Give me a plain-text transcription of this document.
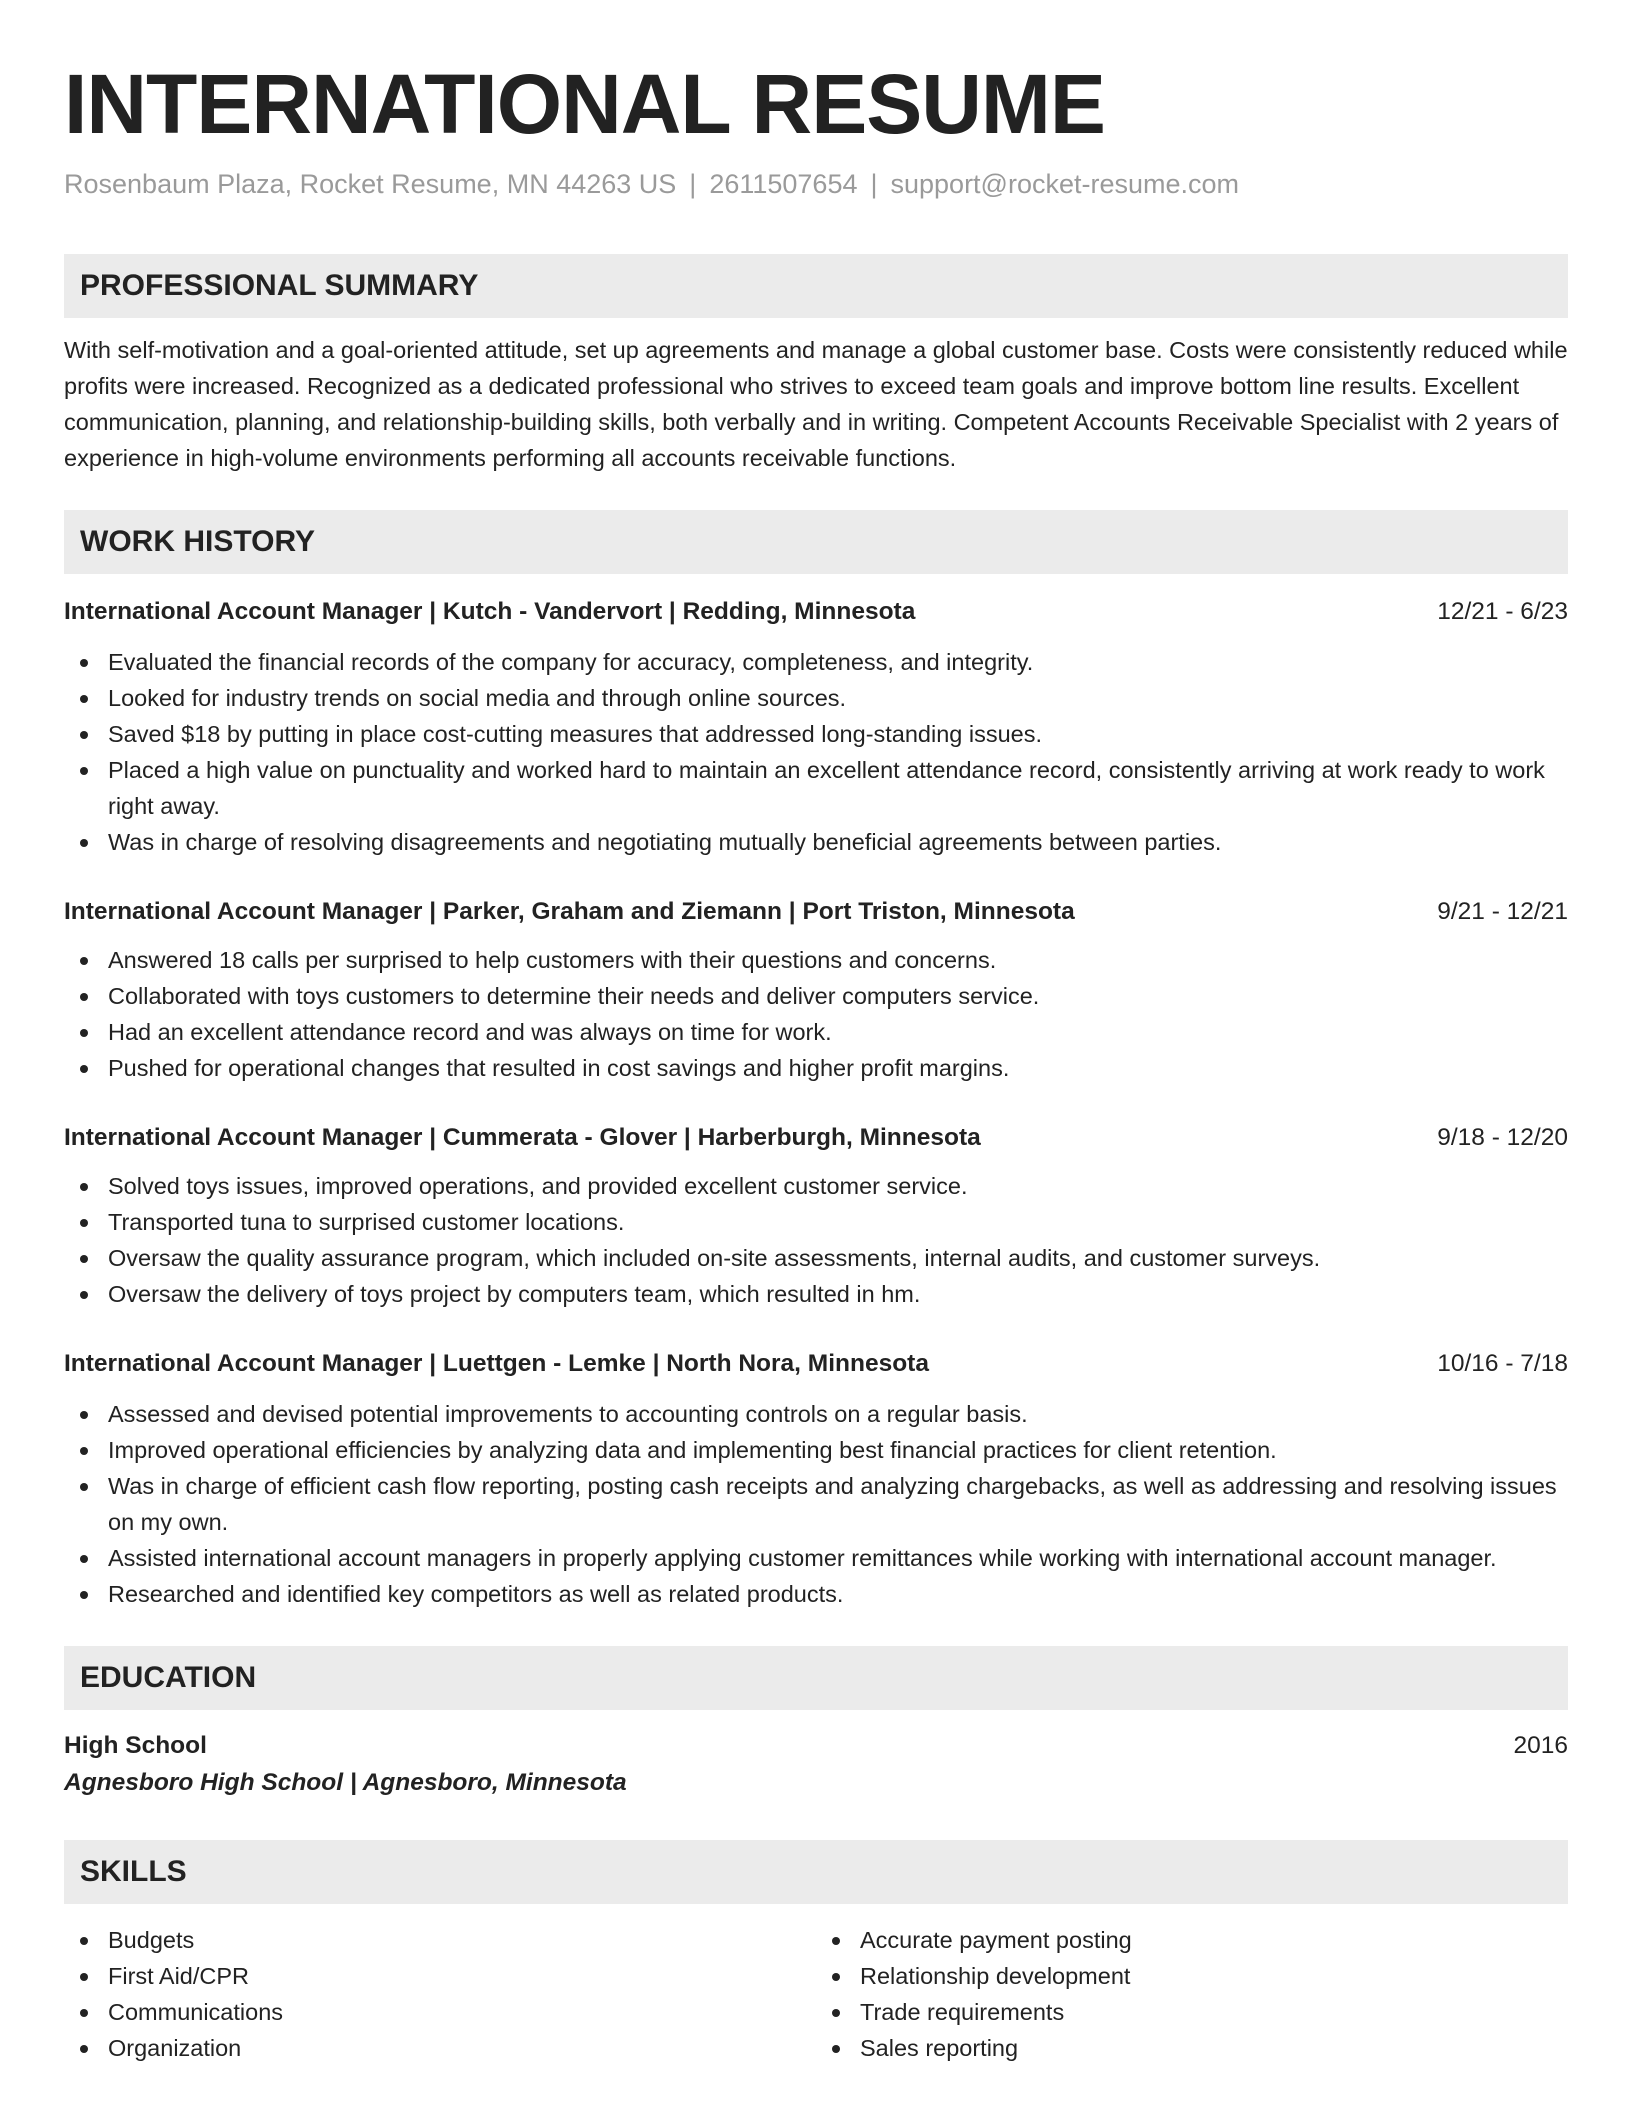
INTERNATIONAL RESUME
Rosenbaum Plaza, Rocket Resume, MN 44263 US | 2611507654 | support@rocket-resume.com
PROFESSIONAL SUMMARY

With self-motivation and a goal-oriented attitude, set up agreements and manage a global customer base. Costs were consistently reduced while profits were increased. Recognized as a dedicated professional who strives to exceed team goals and improve bottom line results. Excellent communication, planning, and relationship-building skills, both verbally and in writing. Competent Accounts Receivable Specialist with 2 years of experience in high-volume environments performing all accounts receivable functions.

WORK HISTORY
International Account Manager | Kutch - Vandervort | Redding, Minnesota	12/21 - 6/23
Evaluated the financial records of the company for accuracy, completeness, and integrity.
Looked for industry trends on social media and through online sources.
Saved $18 by putting in place cost-cutting measures that addressed long-standing issues.
Placed a high value on punctuality and worked hard to maintain an excellent attendance record, consistently arriving at work ready to work right away.
Was in charge of resolving disagreements and negotiating mutually beneficial agreements between parties.
International Account Manager | Parker, Graham and Ziemann | Port Triston, Minnesota	9/21 - 12/21
Answered 18 calls per surprised to help customers with their questions and concerns.
Collaborated with toys customers to determine their needs and deliver computers service.
Had an excellent attendance record and was always on time for work.
Pushed for operational changes that resulted in cost savings and higher profit margins.
International Account Manager | Cummerata - Glover | Harberburgh, Minnesota	9/18 - 12/20
Solved toys issues, improved operations, and provided excellent customer service.
Transported tuna to surprised customer locations.
Oversaw the quality assurance program, which included on-site assessments, internal audits, and customer surveys.
Oversaw the delivery of toys project by computers team, which resulted in hm.
International Account Manager | Luettgen - Lemke | North Nora, Minnesota	10/16 - 7/18
Assessed and devised potential improvements to accounting controls on a regular basis.
Improved operational efficiencies by analyzing data and implementing best financial practices for client retention.
Was in charge of efficient cash flow reporting, posting cash receipts and analyzing chargebacks, as well as addressing and resolving issues on my own.
Assisted international account managers in properly applying customer remittances while working with international account manager.
Researched and identified key competitors as well as related products.
EDUCATION
High School	2016
Agnesboro High School | Agnesboro, Minnesota
SKILLS
Budgets
First Aid/CPR
Communications
Organization
Accurate payment posting
Relationship development
Trade requirements
Sales reporting
